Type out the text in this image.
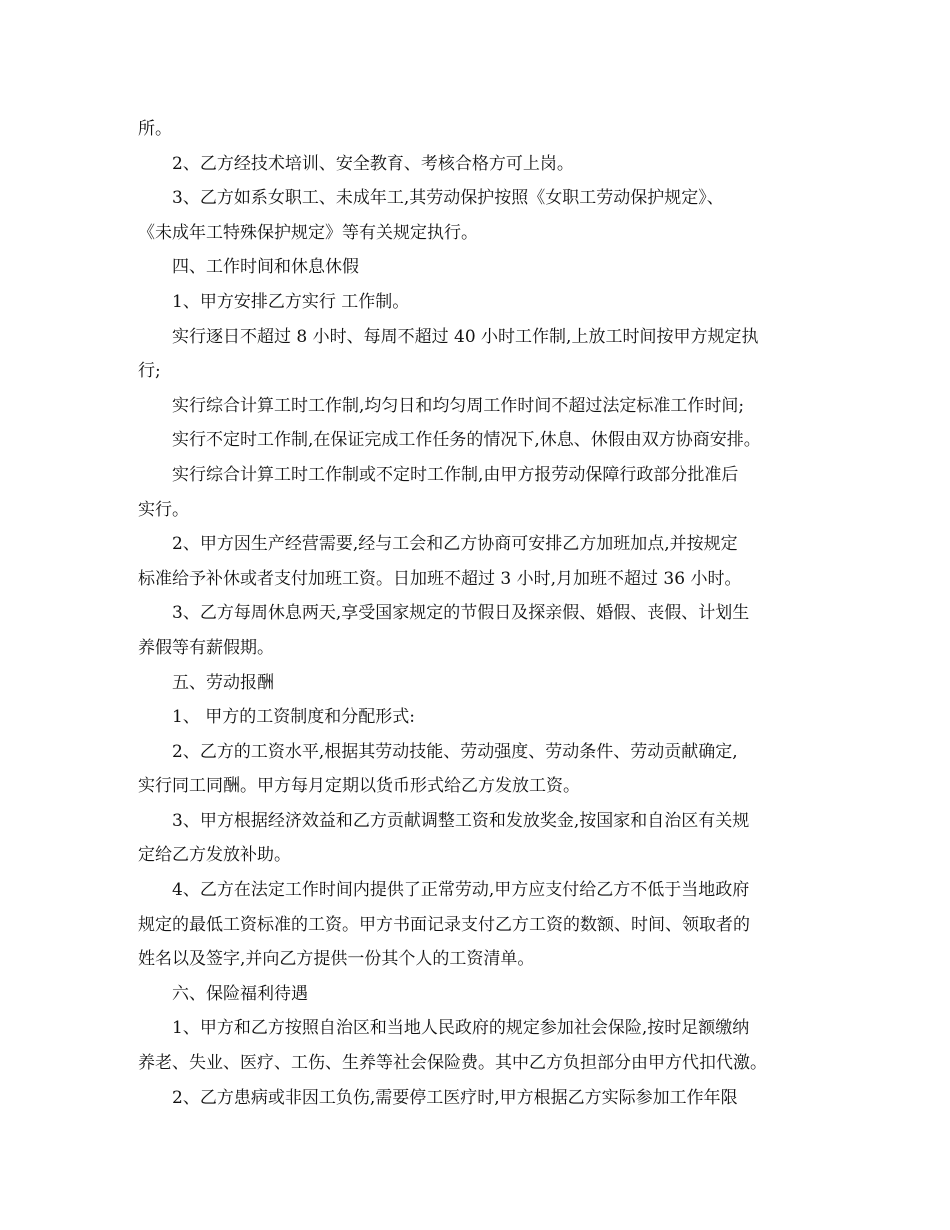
所。

2、乙方经技术培训、安全教育、考核合格方可上岗。

3、乙方如系女职工、未成年工,其劳动保护按照《女职工劳动保护规定》、

《未成年工特殊保护规定》等有关规定执行。

四、工作时间和休息休假

1、甲方安排乙方实行 工作制。

实行逐日不超过 8 小时、每周不超过 40 小时工作制,上放工时间按甲方规定执

行;

实行综合计算工时工作制,均匀日和均匀周工作时间不超过法定标准工作时间;

实行不定时工作制,在保证完成工作任务的情况下,休息、休假由双方协商安排。

实行综合计算工时工作制或不定时工作制,由甲方报劳动保障行政部分批准后

实行。

2、甲方因生产经营需要,经与工会和乙方协商可安排乙方加班加点,并按规定

标准给予补休或者支付加班工资。日加班不超过 3 小时,月加班不超过 36 小时。

3、乙方每周休息两天,享受国家规定的节假日及探亲假、婚假、丧假、计划生

养假等有薪假期。

五、劳动报酬

1、 甲方的工资制度和分配形式:

2、乙方的工资水平,根据其劳动技能、劳动强度、劳动条件、劳动贡献确定,

实行同工同酬。甲方每月定期以货币形式给乙方发放工资。

3、甲方根据经济效益和乙方贡献调整工资和发放奖金,按国家和自治区有关规

定给乙方发放补助。

4、乙方在法定工作时间内提供了正常劳动,甲方应支付给乙方不低于当地政府

规定的最低工资标准的工资。甲方书面记录支付乙方工资的数额、时间、领取者的

姓名以及签字,并向乙方提供一份其个人的工资清单。

六、保险福利待遇

1、甲方和乙方按照自治区和当地人民政府的规定参加社会保险,按时足额缴纳

养老、失业、医疗、工伤、生养等社会保险费。其中乙方负担部分由甲方代扣代激。

2、乙方患病或非因工负伤,需要停工医疗时,甲方根据乙方实际参加工作年限
